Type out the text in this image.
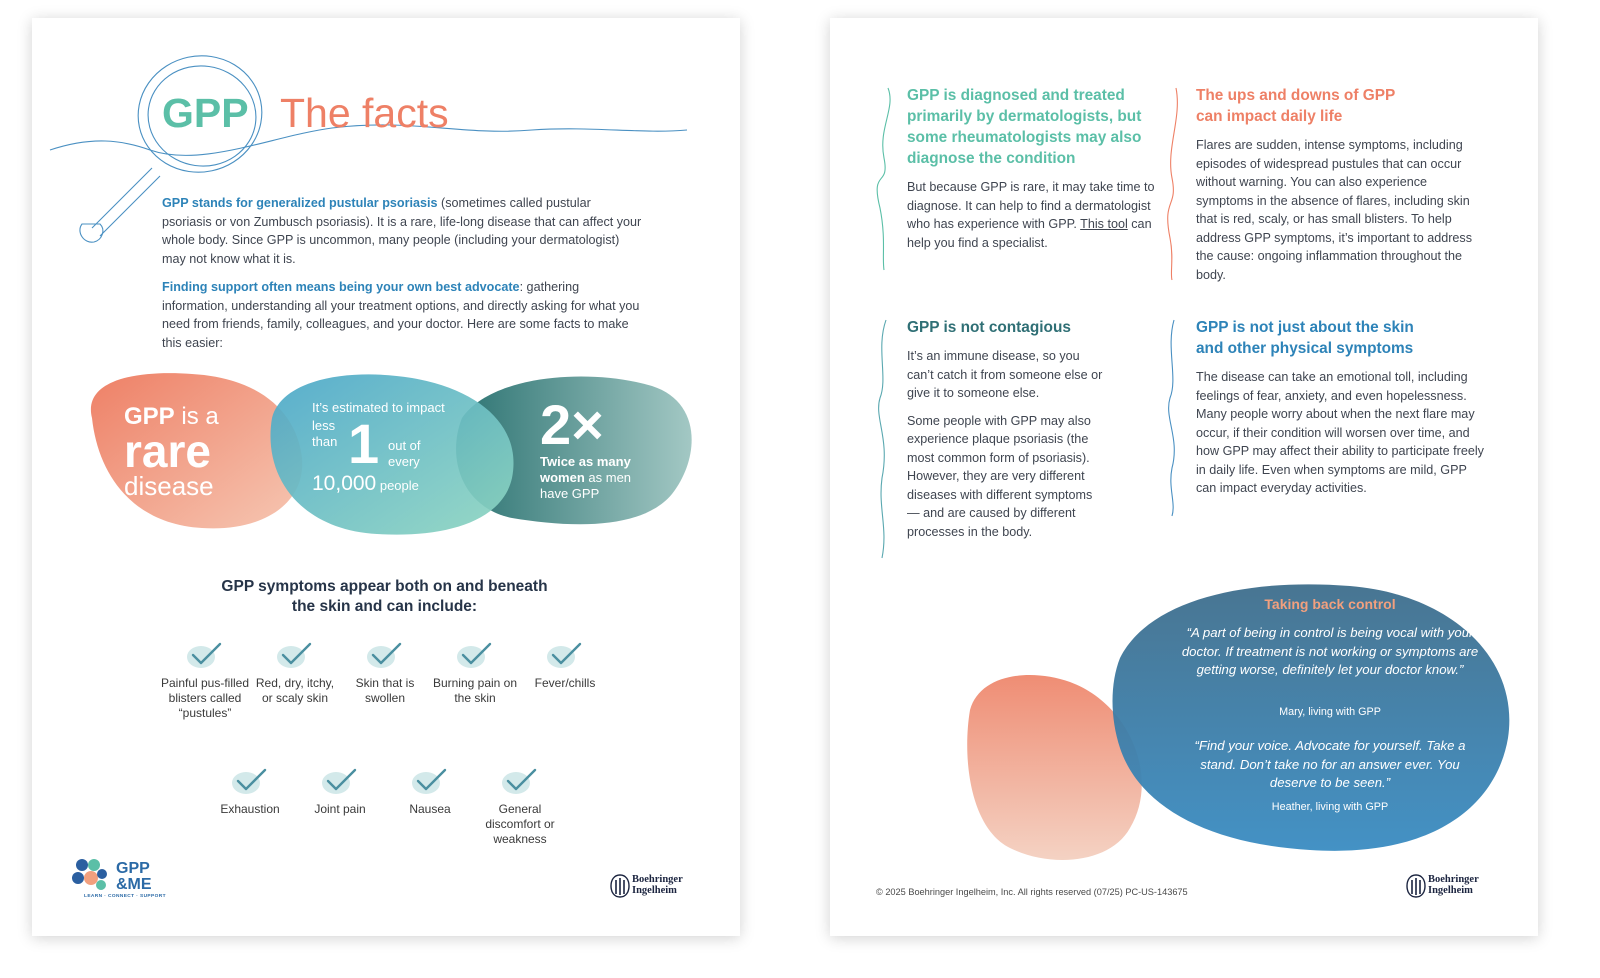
GPP The facts
GPP stands for generalized pustular psoriasis (sometimes called pustular psoriasis or von Zumbusch psoriasis). It is a rare, life-long disease that can affect your whole body. Since GPP is uncommon, many people (including your dermatologist) may not know what it is.
Finding support often means being your own best advocate: gathering information, understanding all your treatment options, and directly asking for what you need from friends, family, colleagues, and your doctor. Here are some facts to make this easier:
GPP is a
rare
disease
It’s estimated to impact
less
than 1 out of
every
10,000 people
2×
Twice as many
women as men
have GPP
GPP symptoms appear both on and beneath the skin and can include:
Painful pus-filled blisters called “pustules”
Red, dry, itchy, or scaly skin
Skin that is swollen
Burning pain on the skin
Fever/chills
Exhaustion	Joint pain	Nausea	General discomfort or weakness
GPP
&ME
LEARN · CONNECT · SUPPORT
Boehringer
Ingelheim
GPP is diagnosed and treated primarily by dermatologists, but some rheumatologists may also diagnose the condition

But because GPP is rare, it may take time to diagnose. It can help to find a dermatologist who has experience with GPP. This tool can help you find a specialist.

The ups and downs of GPP can impact daily life

Flares are sudden, intense symptoms, including episodes of widespread pustules that can occur without warning. You can also experience symptoms in the absence of flares, including skin that is red, scaly, or has small blisters. To help address GPP symptoms, it’s important to address the cause: ongoing inflammation throughout the body.

GPP is not contagious

It’s an immune disease, so you can’t catch it from someone else or give it to someone else.

Some people with GPP may also experience plaque psoriasis (the most common form of psoriasis). However, they are very different diseases with different symptoms — and are caused by different processes in the body.

GPP is not just about the skin and other physical symptoms

The disease can take an emotional toll, including feelings of fear, anxiety, and even hopelessness. Many people worry about when the next flare may occur, if their condition will worsen over time, and how GPP may affect their ability to participate freely in daily life. Even when symptoms are mild, GPP can impact everyday activities.

Taking back control
“A part of being in control is being vocal with your doctor. If treatment is not working or symptoms are getting worse, definitely let your doctor know.”
Mary, living with GPP
“Find your voice. Advocate for yourself. Take a stand. Don’t take no for an answer ever. You deserve to be seen.”
Heather, living with GPP
© 2025 Boehringer Ingelheim, Inc. All rights reserved (07/25) PC-US-143675
Boehringer
Ingelheim
